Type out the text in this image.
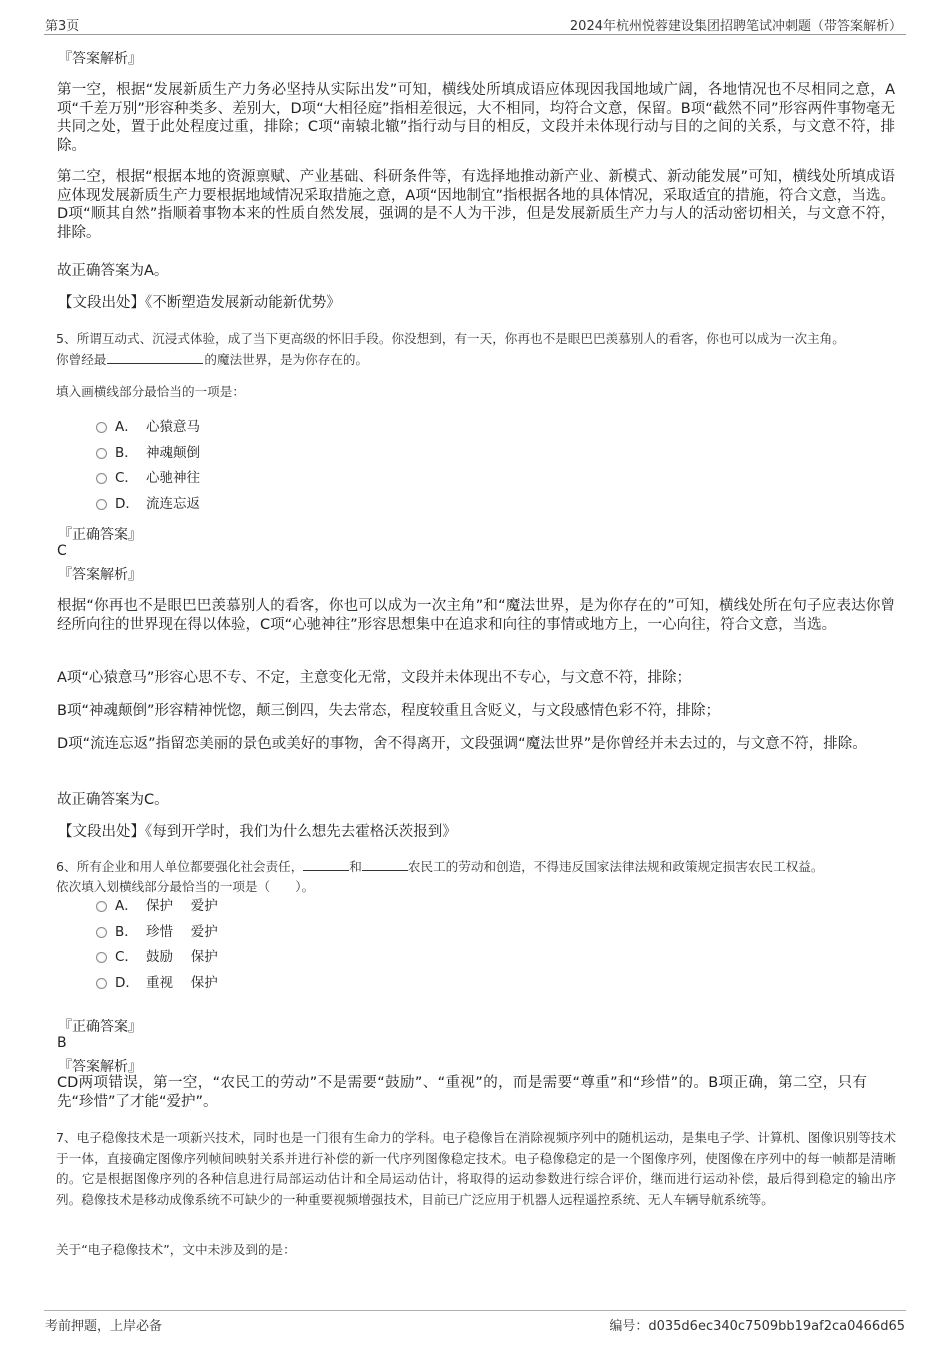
第3页	2024年杭州悦蓉建设集团招聘笔试冲刺题（带答案解析）
『答案解析』
第一空，根据“发展新质生产力务必坚持从实际出发”可知，横线处所填成语应体现因我国地域广阔，各地情况也不尽相同之意，A项“千差万别”形容种类多、差别大，D项“大相径庭”指相差很远，大不相同，均符合文意，保留。B项“截然不同”形容两件事物毫无共同之处，置于此处程度过重，排除；C项“南辕北辙”指行动与目的相反，文段并未体现行动与目的之间的关系，与文意不符，排除。
第二空，根据“根据本地的资源禀赋、产业基础、科研条件等，有选择地推动新产业、新模式、新动能发展”可知，横线处所填成语应体现发展新质生产力要根据地域情况采取措施之意，A项“因地制宜”指根据各地的具体情况，采取适宜的措施，符合文意，当选。D项“顺其自然”指顺着事物本来的性质自然发展，强调的是不人为干涉，但是发展新质生产力与人的活动密切相关，与文意不符，排除。
故正确答案为A。
【文段出处】《不断塑造发展新动能新优势》
5、所谓互动式、沉浸式体验，成了当下更高级的怀旧手段。你没想到，有一天，你再也不是眼巴巴羡慕别人的看客，你也可以成为一次主角。
你曾经最	的魔法世界，是为你存在的。
填入画横线部分最恰当的一项是：
A． 心猿意马
B． 神魂颠倒
C． 心驰神往
D． 流连忘返
『正确答案』
C
『答案解析』
根据“你再也不是眼巴巴羡慕别人的看客，你也可以成为一次主角”和“魔法世界，是为你存在的”可知，横线处所在句子应表达你曾经所向往的世界现在得以体验，C项“心驰神往”形容思想集中在追求和向往的事情或地方上，一心向往，符合文意，当选。
A项“心猿意马”形容心思不专、不定，主意变化无常，文段并未体现出不专心，与文意不符，排除；
B项“神魂颠倒”形容精神恍惚，颠三倒四，失去常态，程度较重且含贬义，与文段感情色彩不符，排除；
D项“流连忘返”指留恋美丽的景色或美好的事物，舍不得离开，文段强调“魔法世界”是你曾经并未去过的，与文意不符，排除。
故正确答案为C。
【文段出处】《每到开学时，我们为什么想先去霍格沃茨报到》
6、所有企业和用人单位都要强化社会责任，	和	农民工的劳动和创造，不得违反国家法律法规和政策规定损害农民工权益。
依次填入划横线部分最恰当的一项是（　　）。
A． 保护　 爱护
B． 珍惜　 爱护
C． 鼓励　 保护
D． 重视　 保护
『正确答案』
B
『答案解析』
CD两项错误，第一空，“农民工的劳动”不是需要“鼓励”、“重视”的，而是需要“尊重”和“珍惜”的。B项正确，第二空，只有先“珍惜”了才能“爱护”。
7、电子稳像技术是一项新兴技术，同时也是一门很有生命力的学科。电子稳像旨在消除视频序列中的随机运动，是集电子学、计算机、图像识别等技术于一体，直接确定图像序列帧间映射关系并进行补偿的新一代序列图像稳定技术。电子稳像稳定的是一个图像序列，使图像在序列中的每一帧都是清晰的。它是根据图像序列的各种信息进行局部运动估计和全局运动估计，将取得的运动参数进行综合评价，继而进行运动补偿，最后得到稳定的输出序列。稳像技术是移动成像系统不可缺少的一种重要视频增强技术，目前已广泛应用于机器人远程遥控系统、无人车辆导航系统等。
关于“电子稳像技术”，文中未涉及到的是：
考前押题，上岸必备	编号：d035d6ec340c7509bb19af2ca0466d65
